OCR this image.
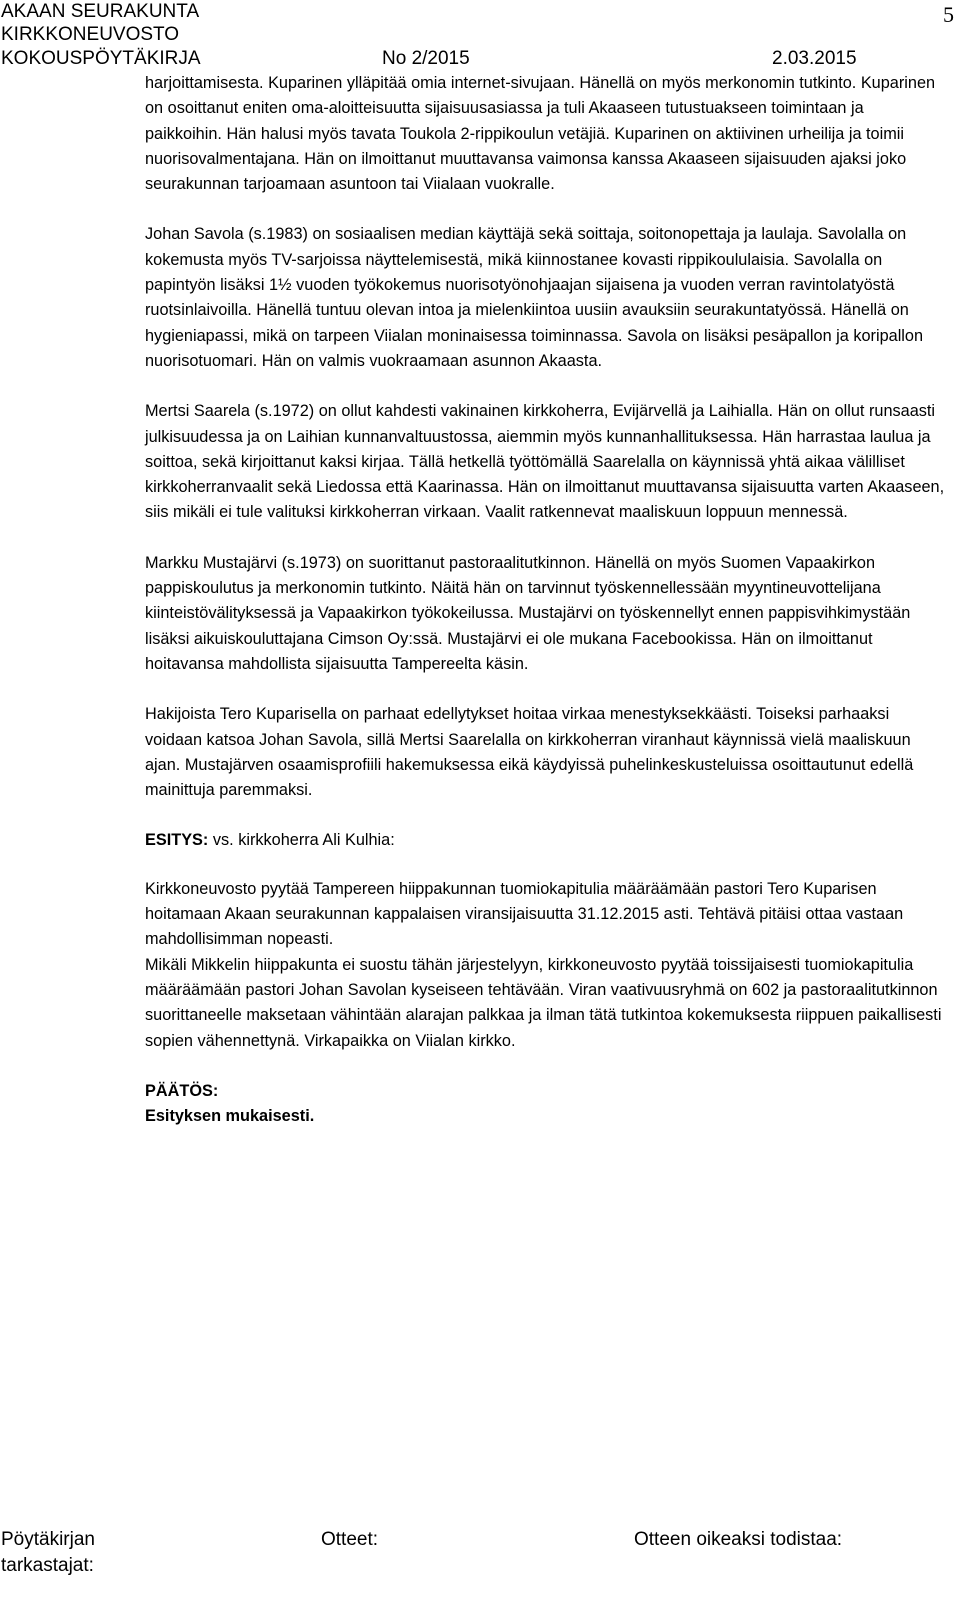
AKAAN SEURAKUNTA
KIRKKONEUVOSTO
KOKOUSPÖYTÄKIRJA	No 2/2015	2.03.2015
5

harjoittamisesta. Kuparinen ylläpitää omia internet-sivujaan. Hänellä on myös merkonomin tutkinto. Kuparinen on osoittanut eniten oma-aloitteisuutta sijaisuusasiassa ja tuli Akaaseen tutustuakseen toimintaan ja paikkoihin. Hän halusi myös tavata Toukola 2-rippikoulun vetäjiä. Kuparinen on aktiivinen urheilija ja toimii nuorisovalmentajana. Hän on ilmoittanut muuttavansa vaimonsa kanssa Akaaseen sijaisuuden ajaksi joko seurakunnan tarjoamaan asuntoon tai Viialaan vuokralle.

Johan Savola (s.1983) on sosiaalisen median käyttäjä sekä soittaja, soitonopettaja ja laulaja. Savolalla on kokemusta myös TV-sarjoissa näyttelemisestä, mikä kiinnostanee kovasti rippikoululaisia. Savolalla on papintyön lisäksi 1½ vuoden työkokemus nuorisotyönohjaajan sijaisena ja vuoden verran ravintolatyöstä ruotsinlaivoilla. Hänellä tuntuu olevan intoa ja mielenkiintoa uusiin avauksiin seurakuntatyössä. Hänellä on hygieniapassi, mikä on tarpeen Viialan moninaisessa toiminnassa. Savola on lisäksi pesäpallon ja koripallon nuorisotuomari. Hän on valmis vuokraamaan asunnon Akaasta.

Mertsi Saarela (s.1972) on ollut kahdesti vakinainen kirkkoherra, Evijärvellä ja Laihialla. Hän on ollut runsaasti julkisuudessa ja on Laihian kunnanvaltuustossa, aiemmin myös kunnanhallituksessa. Hän harrastaa laulua ja soittoa, sekä kirjoittanut kaksi kirjaa. Tällä hetkellä työttömällä Saarelalla on käynnissä yhtä aikaa välilliset kirkkoherranvaalit sekä Liedossa että Kaarinassa. Hän on ilmoittanut muuttavansa sijaisuutta varten Akaaseen, siis mikäli ei tule valituksi kirkkoherran virkaan. Vaalit ratkennevat maaliskuun loppuun mennessä.

Markku Mustajärvi (s.1973) on suorittanut pastoraalitutkinnon. Hänellä on myös Suomen Vapaakirkon pappiskoulutus ja merkonomin tutkinto. Näitä hän on tarvinnut työskennellessään myyntineuvottelijana kiinteistövälityksessä ja Vapaakirkon työkokeilussa. Mustajärvi on työskennellyt ennen pappisvihkimystään lisäksi aikuiskouluttajana Cimson Oy:ssä. Mustajärvi ei ole mukana Facebookissa. Hän on ilmoittanut hoitavansa mahdollista sijaisuutta Tampereelta käsin.

Hakijoista Tero Kuparisella on parhaat edellytykset hoitaa virkaa menestyksekkäästi. Toiseksi parhaaksi voidaan katsoa Johan Savola, sillä Mertsi Saarelalla on kirkkoherran viranhaut käynnissä vielä maaliskuun ajan. Mustajärven osaamisprofiili hakemuksessa eikä käydyissä puhelinkeskusteluissa osoittautunut edellä mainittuja paremmaksi.

ESITYS: vs. kirkkoherra Ali Kulhia:

Kirkkoneuvosto pyytää Tampereen hiippakunnan tuomiokapitulia määräämään pastori Tero Kuparisen hoitamaan Akaan seurakunnan kappalaisen viransijaisuutta 31.12.2015 asti. Tehtävä pitäisi ottaa vastaan mahdollisimman nopeasti.

Mikäli Mikkelin hiippakunta ei suostu tähän järjestelyyn, kirkkoneuvosto pyytää toissijaisesti tuomiokapitulia määräämään pastori Johan Savolan kyseiseen tehtävään. Viran vaativuusryhmä on 602 ja pastoraalitutkinnon suorittaneelle maksetaan vähintään alarajan palkkaa ja ilman tätä tutkintoa kokemuksesta riippuen paikallisesti sopien vähennettynä. Virkapaikka on Viialan kirkko.

PÄÄTÖS:

Esityksen mukaisesti.

Pöytäkirjan tarkastajat:
Otteet:	Otteen oikeaksi todistaa:
